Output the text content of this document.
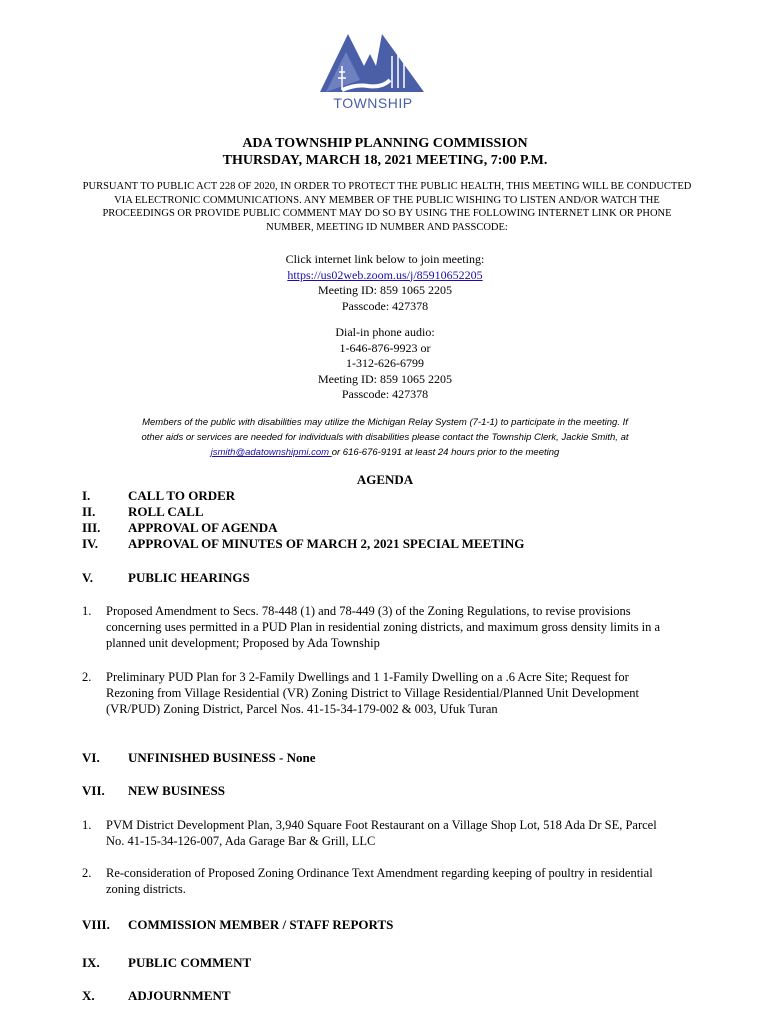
TOWNSHIP
ADA TOWNSHIP PLANNING COMMISSION
THURSDAY, MARCH 18, 2021 MEETING, 7:00 P.M.
PURSUANT TO PUBLIC ACT 228 OF 2020, IN ORDER TO PROTECT THE PUBLIC HEALTH, THIS MEETING WILL BE CONDUCTED VIA ELECTRONIC COMMUNICATIONS. ANY MEMBER OF THE PUBLIC WISHING TO LISTEN AND/OR WATCH THE PROCEEDINGS OR PROVIDE PUBLIC COMMENT MAY DO SO BY USING THE FOLLOWING INTERNET LINK OR PHONE NUMBER, MEETING ID NUMBER AND PASSCODE:
Click internet link below to join meeting:
https://us02web.zoom.us/j/85910652205
Meeting ID: 859 1065 2205
Passcode: 427378
Dial-in phone audio:
1-646-876-9923 or
1-312-626-6799
Meeting ID: 859 1065 2205
Passcode: 427378
Members of the public with disabilities may utilize the Michigan Relay System (7-1-1) to participate in the meeting. If
other aids or services are needed for individuals with disabilities please contact the Township Clerk, Jackie Smith, at
jsmith@adatownshipmi.com or 616-676-9191 at least 24 hours prior to the meeting
AGENDA
I.	CALL TO ORDER
II.	ROLL CALL
III. APPROVAL OF AGENDA
IV. APPROVAL OF MINUTES OF MARCH 2, 2021 SPECIAL MEETING
V.	PUBLIC HEARINGS
1. Proposed Amendment to Secs. 78-448 (1) and 78-449 (3) of the Zoning Regulations, to revise provisions concerning uses permitted in a PUD Plan in residential zoning districts, and maximum gross density limits in a planned unit development; Proposed by Ada Township
2. Preliminary PUD Plan for 3 2-Family Dwellings and 1 1-Family Dwelling on a .6 Acre Site; Request for Rezoning from Village Residential (VR) Zoning District to Village Residential/Planned Unit Development (VR/PUD) Zoning District, Parcel Nos. 41-15-34-179-002 & 003, Ufuk Turan
VI. UNFINISHED BUSINESS - None
VII. NEW BUSINESS
1. PVM District Development Plan, 3,940 Square Foot Restaurant on a Village Shop Lot, 518 Ada Dr SE, Parcel No. 41-15-34-126-007, Ada Garage Bar & Grill, LLC
2. Re-consideration of Proposed Zoning Ordinance Text Amendment regarding keeping of poultry in residential zoning districts.
VIII. COMMISSION MEMBER / STAFF REPORTS
IX. PUBLIC COMMENT
X.	ADJOURNMENT
